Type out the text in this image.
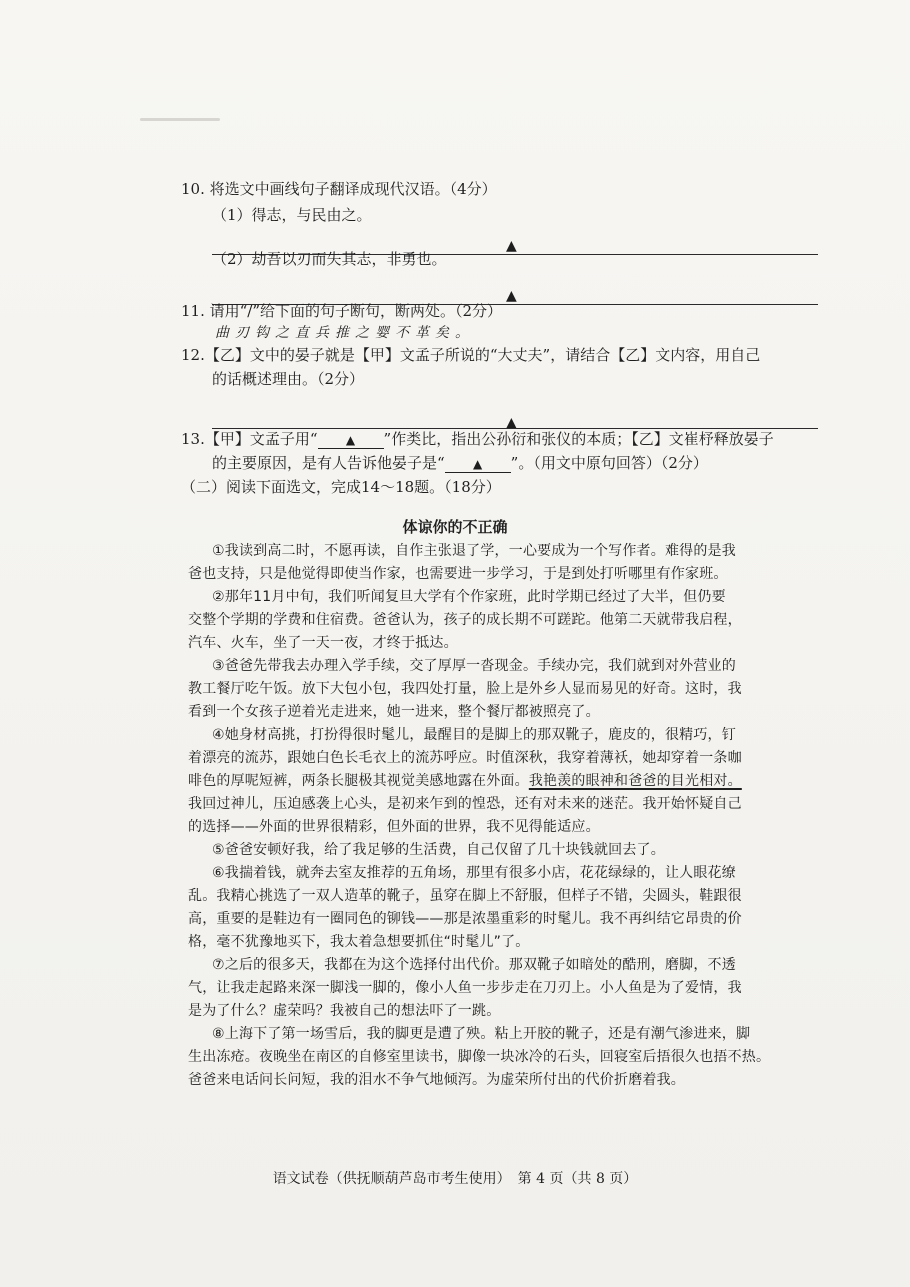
10. 将选文中画线句子翻译成现代汉语。（4分）
（1）得志，与民由之。
▲
（2）劫吾以刃而失其志，非勇也。
▲
11. 请用“/”给下面的句子断句，断两处。（2分）
曲刃钩之直兵推之婴不革矣。
12.【乙】文中的晏子就是【甲】文孟子所说的“大丈夫”，请结合【乙】文内容，用自己
的话概述理由。（2分）
▲
13.【甲】文孟子用“ ▲ ”作类比，指出公孙衍和张仪的本质；【乙】文崔杼释放晏子
的主要原因，是有人告诉他晏子是“ ▲ ”。（用文中原句回答）（2分）
（二）阅读下面选文，完成14～18题。（18分）
体谅你的不正确
①我读到高二时，不愿再读，自作主张退了学，一心要成为一个写作者。难得的是我
爸也支持，只是他觉得即使当作家，也需要进一步学习，于是到处打听哪里有作家班。
②那年11月中旬，我们听闻复旦大学有个作家班，此时学期已经过了大半，但仍要
交整个学期的学费和住宿费。爸爸认为，孩子的成长期不可蹉跎。他第二天就带我启程，
汽车、火车，坐了一天一夜，才终于抵达。
③爸爸先带我去办理入学手续，交了厚厚一沓现金。手续办完，我们就到对外营业的
教工餐厅吃午饭。放下大包小包，我四处打量，脸上是外乡人显而易见的好奇。这时，我
看到一个女孩子逆着光走进来，她一进来，整个餐厅都被照亮了。
④她身材高挑，打扮得很时髦儿，最醒目的是脚上的那双靴子，鹿皮的，很精巧，钉
着漂亮的流苏，跟她白色长毛衣上的流苏呼应。时值深秋，我穿着薄袄，她却穿着一条咖
啡色的厚呢短裤，两条长腿极其视觉美感地露在外面。我艳羡的眼神和爸爸的目光相对。
我回过神儿，压迫感袭上心头，是初来乍到的惶恐，还有对未来的迷茫。我开始怀疑自己
的选择——外面的世界很精彩，但外面的世界，我不见得能适应。
⑤爸爸安顿好我，给了我足够的生活费，自己仅留了几十块钱就回去了。
⑥我揣着钱，就奔去室友推荐的五角场，那里有很多小店，花花绿绿的，让人眼花缭
乱。我精心挑选了一双人造革的靴子，虽穿在脚上不舒服，但样子不错，尖圆头，鞋跟很
高，重要的是鞋边有一圈同色的铆钱——那是浓墨重彩的时髦儿。我不再纠结它昂贵的价
格，毫不犹豫地买下，我太着急想要抓住“时髦儿”了。
⑦之后的很多天，我都在为这个选择付出代价。那双靴子如暗处的酷刑，磨脚，不透
气，让我走起路来深一脚浅一脚的，像小人鱼一步步走在刀刃上。小人鱼是为了爱情，我
是为了什么？虚荣吗？我被自己的想法吓了一跳。
⑧上海下了第一场雪后，我的脚更是遭了殃。粘上开胶的靴子，还是有潮气渗进来，脚
生出冻疮。夜晚坐在南区的自修室里读书，脚像一块冰冷的石头，回寝室后捂很久也捂不热。
爸爸来电话问长问短，我的泪水不争气地倾泻。为虚荣所付出的代价折磨着我。
语文试卷（供抚顺葫芦岛市考生使用）　第 4 页（共 8 页）
